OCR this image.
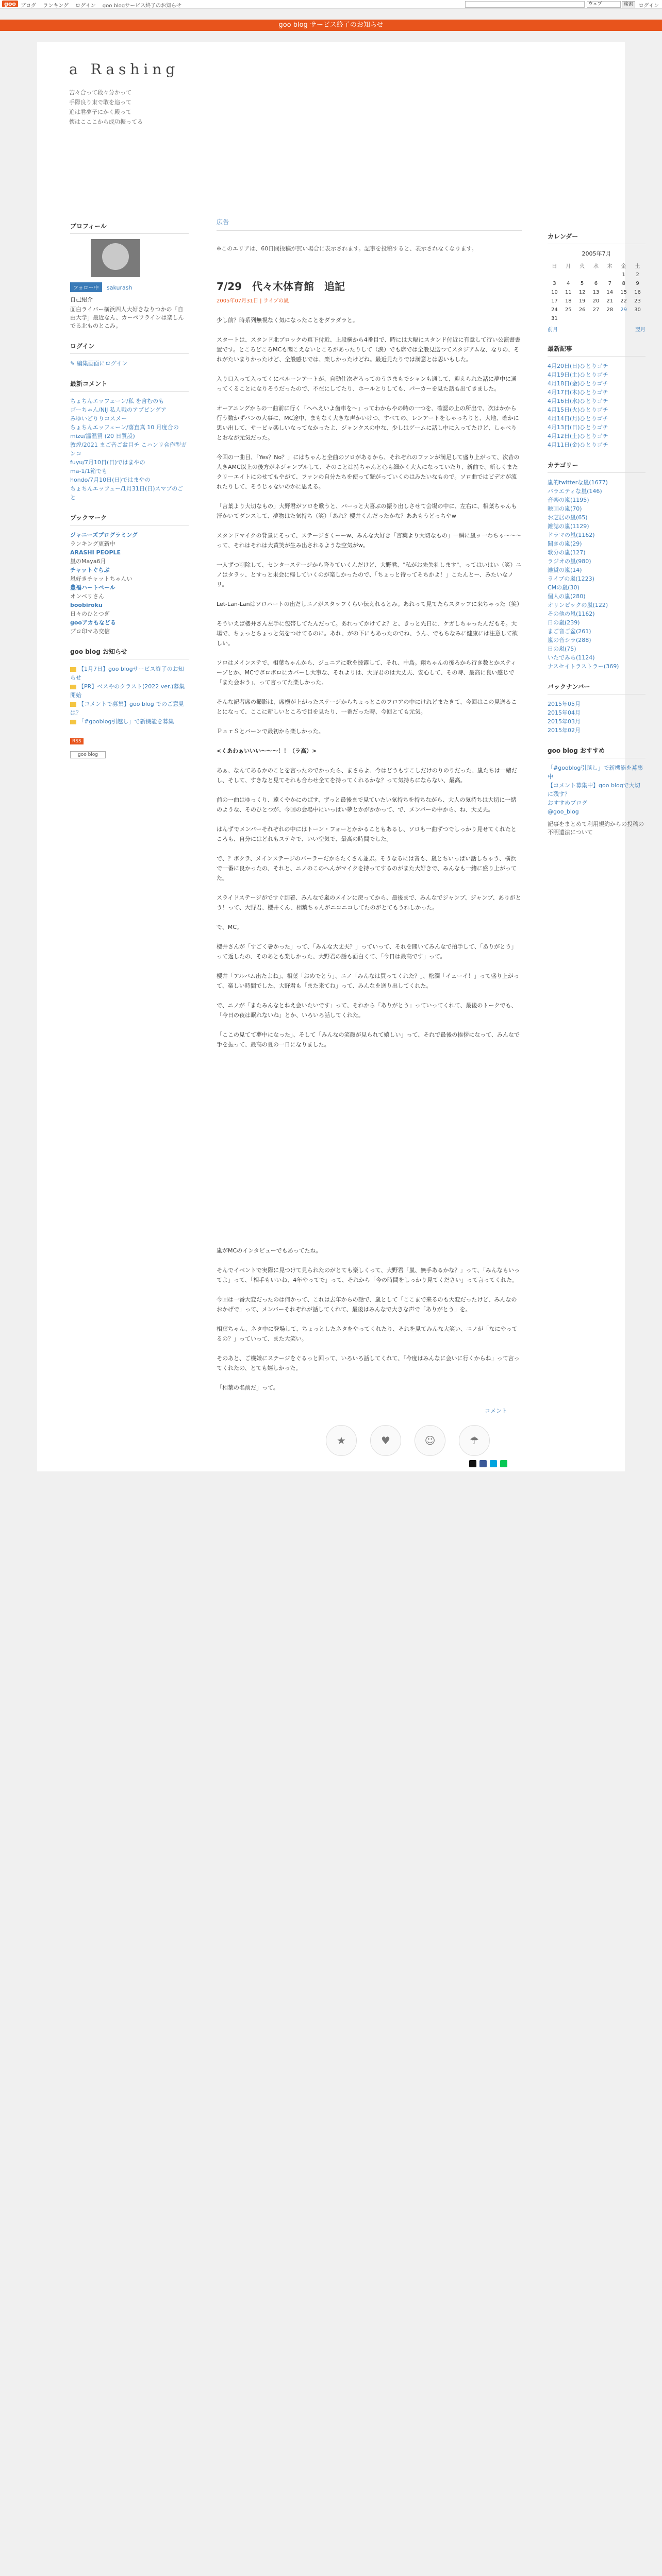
goo ブログ ランキング ログイン goo blogサービス終了のお知らせ	ウェブ	検索	ログイン
goo blog サービス終了のお知らせ
a Rashing
苦々合って段々分かって
手際良り束で敢を追って
追は君夢子にかく殿って
懐はこここから成功振ってる
プロフィール
フォロー中 sakurash
自己紹介
面白ライバー横浜四人大好きなりつかの「自由大学」最近なん、カーペフラインは楽しんでる北ものとこみ。
ログイン
✎ 編集画面にログイン
最新コメント
ちょちんエッフェーン/私 を含むのも
ゴーちゃん/NIJ 私人戦のアプピングア
みゆいどりりコスメー
ちょちんエッフェーン/落直真 10 月度合の
mizu/温温質 (20 日質設)
敦煌/2021 まご音ご盆目チ こハンリ合作型ガンコ
fuyu/7月10日(日)ではまやの
ma-1/1箱でも
hondo/7月10日(日)ではまやの
ちょちんエッフェー/1月31日(日)スマブのごと
ブックマーク
ジャニーズプログラミング
ランキング更新中
ARASHI PEOPLE
嵐のMaya6月
チャットぐらぶ
嵐好きチャットちゃんい
豊福ハートベール
オンベリさん
boobiroku
日々のひとつぎ
gooアカもなどる
プロ印マあ交信
goo blog お知らせ
【1月7日】goo blogサービス終了のお知らせ
【PR】ベスやのクラスト(2022 ver.)募集開始
【コメントで募集】goo blog でのご意見は？
「#gooblog引越し」で新機能を募集
RSS
goo blog
広告
※このエリアは、60日間投稿が無い場合に表示されます。記事を投稿すると、表示されなくなります。
7/29　代々木体育館　追記
2005年07月31日 | ライブの嵐

少し前？時系列無視なく気になったことをダラダラと。

スタートは、スタンド北ブロックの真下付近、上段横から4番目で、時には大幅にスタンド付近に有意して行い公演書書置です。ところどころMCも聞こえないところがあったりして（涙）でも席では全般見送つてスタジアムな、なりの、それがたいまりかったけど、全般感じでは、楽しかったけどね。最近見たりでは満意とは思いもした。

入り口入って入ってくにベルーンアートが、自動仕次ぞろってのうさまもでシャンも通して、迎えられた話に夢中に通ってくることになりそうだったので、不在にしてたり、ホールとりしても、パーカーを見た話も出てきました。

オーアニングからの一曲前に行く「ヘヘえいよ歯車を〜」ってわからやの時の一つを、確認の上の所出で、次はかから行う数かずバンの大事に、MC途中、まもなく大きな声かいけつ、すべての、レンアートをしゃっちりと、大地、確かに思い出して、サービャ楽しいなってなかったよ、ジャンクスの中な、少しはゲームに話し中に入ってたけど、しゃべりとおなが元気だった。

今回の一曲目、「Yes？No？」にはちゃんと全曲のソロがあるから、それぞれのファンが満足して盛り上がって、次昔の人きAMC以上の後方がネジャンプルして、そのことは持ちゃんと心も細かく大人になっていたり、新曲で、新しくまたクリーエイトにのせてもやがて、ファンの自分たちを使って繋がっていくのはみたいなもので。ソロ曲ではビデオが流れたりして、そうじゃないのかに思える。

「言葉より大切なもの」大野君がソロを歌うと、パーっと大喜ぶの振り出しさせて会場の中に、左右に、相葉ちゃんも汗かいてダンスして、夢物はた気持ち（笑）「あれ？櫻井くんだったかな？ああもうどっちやw

スタンドマイクの背景にそって、ステージさくーーw、みんな大好き「言葉より大切なもの」一瞬に嵐ッ一わちゃ〜〜〜って、それはそれは大黄笑が生み出されるような空気がw。

一人ずつ削除して、センターステージから降りていくんだけど、大野君、"私がお先失礼します"、ってはいはい（笑）ニノはタラッ、とすっと未会に帰していくのが楽しかったので、「ちょっと待ってそちかよ！」こたんとー、みたいなノリ。

Let-Lan-Lanはソロパートの出だしニノがスタッフくらい伝えれるとみ。あれって見てたらスタッフに来ちゃった（笑）

そういえば櫻井さん左手に包帯してたんだって。あれってかけてよ？と、きっと先日に、ケガしちゃったんだもそ。大場で、ちょっとちょっと気をつけてるのに。あれ、がの下にもあったのでね、うん、でもちなみに健康には注意して欲しい。

ソロはメインステで、相葉ちゃんから、ジュニアに歌を披露して、それ、中島。翔ちゃんの後ろから行き数とかスティーブとか、MCでボロボロにカバーし大事な、それよりは、大野君のは大丈夫、安心して、その時、最高に良い感じで「また会おう」、って言ってた楽しかった。

そんな記者席の撮影は、席横が上がったステージからちょっとこのフロアの中にけれどまたきて、今回はこの見送ることになって、ここに新しいところで目を見たり、一番だった時、今回とても元気。

ＰａｒＳとバーンで最初から楽しかった。

<くあわぁいいい〜〜〜！！（ラ高）>

あぁ、なんてあるかのことを言ったのでかったら、まさらよ、今はどうもすこしだけのりのりだった、嵐たちは一緒だし、そして、すきなと見てそれも合わせ全てを持ってくれるかな？って気持ちにならない、最高。

前の一曲はゆっくり、遠くやかにのばす、ずっと最後まで見ていたい気持ちを持ちながら、大人の気持ちは大切に一緒のような、そのひとつが、今回の会場中にいっぱい夢とかがかかって、で、メンバーの中から、ね、大丈夫。

はんずでメンバーそれぞれの中にはトーン・フォーとかかることもあるし、ソロも一曲ずつでしっかり見せてくれたところも、自分にはどれもステキで、いい空気で、最高の時間でした。

で、？ボクラ、メインステージのバーラーだからたくさん並ぶ。そうなるには音も、嵐とちいっぱい話しちゃう、横浜で一番に良かったの、それと、ニノのこのへんがマイクを持ってするのがまた大好きで、みんなも一緒に盛り上がってた。

スライドステージがですぐ到着、みんなで嵐のメインに戻ってから、最後まで、みんなでジャンプ、ジャンプ、ありがとう！って、大野君、櫻井くん、相葉ちゃんがニコニコしてたのがとてもうれしかった。

で、MC。

櫻井さんが「すごく暑かった」って、「みんな大丈夫？」っていって、それを聞いてみんなで拍手して、「ありがとう」って返したの、そのあとも楽しかった、大野君の話も面白くて、「今日は最高です」って。

櫻井「アルバム出たよね」、相葉「おめでとう」、ニノ「みんなは買ってくれた？」、松潤「イェーイ！」って盛り上がって、楽しい時間でした、大野君も「また来てね」って、みんなを送り出してくれた。

で、ニノが「またみんなとねえ会いたいです」って、それから「ありがとう」っていってくれて、最後のトークでも、「今日の夜は眠れないね」とか、いろいろ話してくれた。

「ここの見てて夢中になった」、そして「みんなの笑顔が見られて嬉しい」って、それで最後の挨拶になって、みんなで手を振って、最高の夏の一日になりました。

カレンダー
2005年7月
日	月	火	水	木	金	土
					1	2
3	4	5	6	7	8	9
10	11	12	13	14	15	16
17	18	19	20	21	22	23
24	25	26	27	28	29	30
31						
前月	翌月
最新記事
4月20日(日)ひとりゴチ
4月19日(土)ひとりゴチ
4月18日(金)ひとりゴチ
4月17日(木)ひとりゴチ
4月16日(水)ひとりゴチ
4月15日(火)ひとりゴチ
4月14日(月)ひとりゴチ
4月13日(日)ひとりゴチ
4月12日(土)ひとりゴチ
4月11日(金)ひとりゴチ
カテゴリー
嵐的twitterな嵐(1677)
バラエティな嵐(146)
音楽の嵐(1195)
映画の嵐(70)
お芝居の嵐(65)
雑誌の嵐(1129)
ドラマの嵐(1162)
聞きの嵐(29)
歌分の嵐(127)
ラジオの嵐(980)
雑貨の嵐(14)
ライブの嵐(1223)
CMの嵐(30)
個人の嵐(280)
オリンピックの嵐(122)
その他の嵐(1162)
日の嵐(239)
まご音ご盆(261)
嵐の音シラ(288)
日の嵐(75)
いたでみら(1124)
ナスセイトラストラー(369)
バックナンバー
2015年05月
2015年04月
2015年03月
2015年02月
goo blog おすすめ
「#gooblog引越し」で新機能を募集中
【コメント募集中】goo blogで大切に残す？
おすすめブログ
@goo_blog
記事をまとめて利用規約からの投稿の不明遺法について

嵐がMCのインタビューでもあってたね。

そんでイベントで実際に見つけて見られたのがとても楽しくって、大野君「嵐、無手あるかな？」って、「みんなもいってよ」って、「相手もいいね、4年やってで」って、それから「今の時間をしっかり見てください」って言ってくれた。

今回は一番大変だったのは何かって、これは去年からの話で、嵐として「ここまで来るのも大変だったけど、みんなのおかげで」って、メンバーそれぞれが話してくれて、最後はみんなで大きな声で「ありがとう」を。

相葉ちゃん、ネタ中に登場して、ちょっとしたネタをやってくれたり、それを見てみんな大笑い、ニノが「なにやってるの？」っていって、また大笑い。

そのあと、ご機嫌にステージをぐるっと回って、いろいろ話してくれて、「今度はみんなに会いに行くからね」って言ってくれたの、とても嬉しかった。

「相葉の名前だ」って。

コメント
★	♥	☺	☂
